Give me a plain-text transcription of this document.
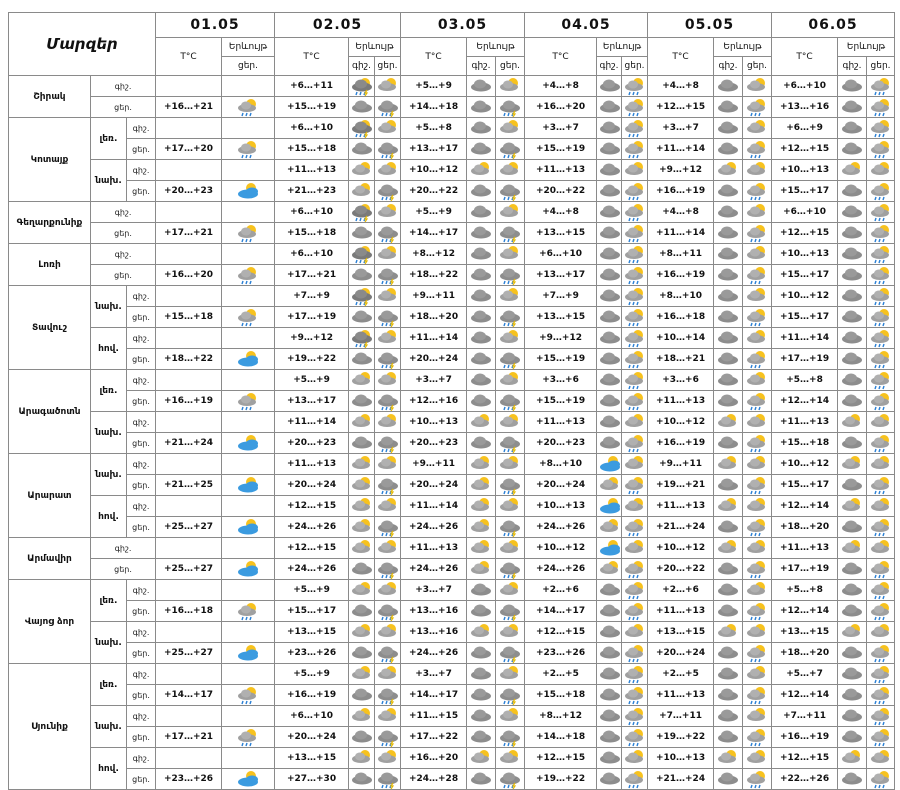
Մարզեր			01.05		02.05			03.05			04.05			05.05			06.05		
			T°C	Երևույթ	T°C	Երևույթ		T°C	Երևույթ		T°C	Երևույթ		T°C	Երևույթ		T°C	Երևույթ	
				ցեր.		գիշ.	ցեր.		գիշ.	ցեր.		գիշ.	ցեր.		գիշ.	ցեր.		գիշ.	ցեր.
Շիրակ	գիշ.				+6…+11			+5…+9			+4…+8			+4…+8			+6…+10	

	ցեր.		+16…+21		+15…+19			+14…+18			+16…+20			+12…+15			+13…+16	

Կոտայք	լեռ.	գիշ.			+6…+10			+5…+8			+3…+7			+3…+7			+6…+9	

		ցեր.	+17…+20		+15…+18			+13…+17			+15…+19			+11…+14			+12…+15	

	նախ.	գիշ.			+11…+13			+10…+12			+11…+13			+9…+12			+10…+13	

		ցեր.	+20…+23		+21…+23			+20…+22			+20…+22			+16…+19			+15…+17	

Գեղարքունիք	գիշ.				+6…+10			+5…+9			+4…+8			+4…+8			+6…+10	

	ցեր.		+17…+21		+15…+18			+14…+17			+13…+15			+11…+14			+12…+15	

Լոռի	գիշ.				+6…+10			+8…+12			+6…+10			+8…+11			+10…+13	

	ցեր.		+16…+20		+17…+21			+18…+22			+13…+17			+16…+19			+15…+17	

Տավուշ	նախ.	գիշ.			+7…+9			+9…+11			+7…+9			+8…+10			+10…+12	

		ցեր.	+15…+18		+17…+19			+18…+20			+13…+15			+16…+18			+15…+17	

	հով.	գիշ.			+9…+12			+11…+14			+9…+12			+10…+14			+11…+14	

		ցեր.	+18…+22		+19…+22			+20…+24			+15…+19			+18…+21			+17…+19	

Արագածոտն	լեռ.	գիշ.			+5…+9			+3…+7			+3…+6			+3…+6			+5…+8	

		ցեր.	+16…+19		+13…+17			+12…+16			+15…+19			+11…+13			+12…+14	

	նախ.	գիշ.			+11…+14			+10…+13			+11…+13			+10…+12			+11…+13	

		ցեր.	+21…+24		+20…+23			+20…+23			+20…+23			+16…+19			+15…+18	

Արարատ	նախ.	գիշ.			+11…+13			+9…+11			+8…+10			+9…+11			+10…+12	

		ցեր.	+21…+25		+20…+24			+20…+24			+20…+24			+19…+21			+15…+17	

	հով.	գիշ.			+12…+15			+11…+14			+10…+13			+11…+13			+12…+14	

		ցեր.	+25…+27		+24…+26			+24…+26			+24…+26			+21…+24			+18…+20	

Արմավիր	գիշ.				+12…+15			+11…+13			+10…+12			+10…+12			+11…+13	

	ցեր.		+25…+27		+24…+26			+24…+26			+24…+26			+20…+22			+17…+19	

Վայոց ձոր	լեռ.	գիշ.			+5…+9			+3…+7			+2…+6			+2…+6			+5…+8	

		ցեր.	+16…+18		+15…+17			+13…+16			+14…+17			+11…+13			+12…+14	

	նախ.	գիշ.			+13…+15			+13…+16			+12…+15			+13…+15			+13…+15	

		ցեր.	+25…+27		+23…+26			+24…+26			+23…+26			+20…+24			+18…+20	

Սյունիք	լեռ.	գիշ.			+5…+9			+3…+7			+2…+5			+2…+5			+5…+7	

		ցեր.	+14…+17		+16…+19			+14…+17			+15…+18			+11…+13			+12…+14	

	նախ.	գիշ.			+6…+10			+11…+15			+8…+12			+7…+11			+7…+11	

		ցեր.	+17…+21		+20…+24			+17…+22			+14…+18			+19…+22			+16…+19	

	հով.	գիշ.			+13…+15			+16…+20			+12…+15			+10…+13			+12…+15	

		ցեր.	+23…+26		+27…+30			+24…+28			+19…+22			+21…+24			+22…+26	
